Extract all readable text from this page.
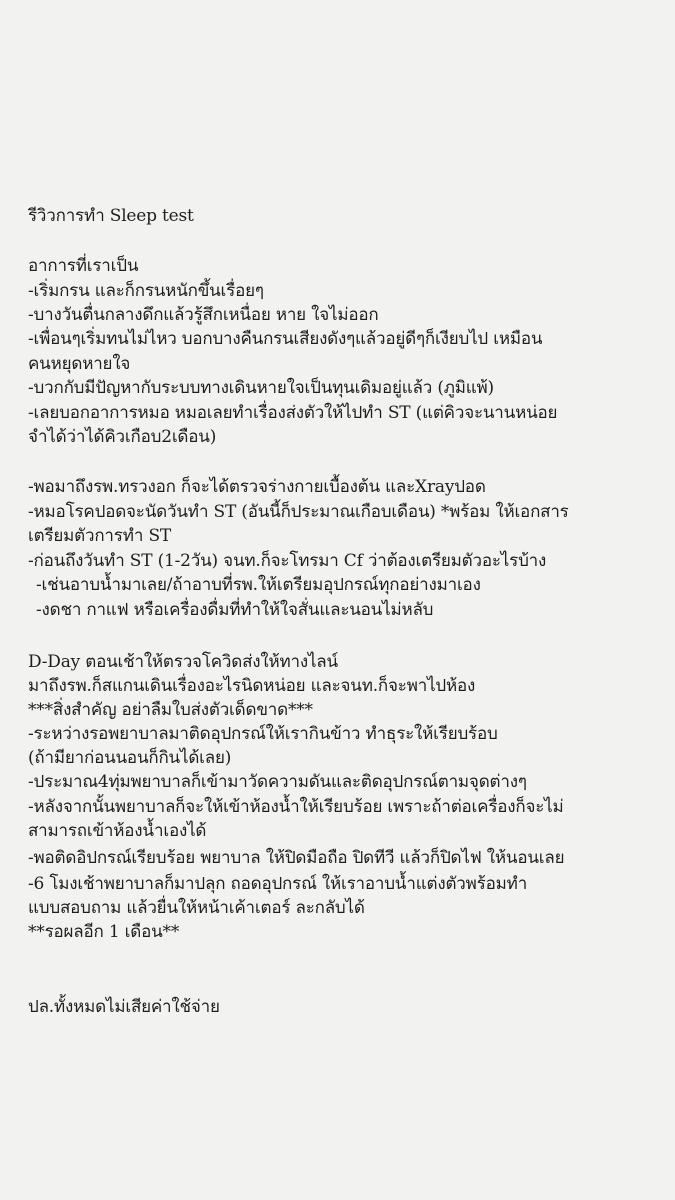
รีวิวการทำ Sleep test
อาการที่เราเป็น
-เริ่มกรน และก็กรนหนักขึ้นเรื่อยๆ
-บางวันตื่นกลางดึกแล้วรู้สึกเหนื่อย หาย ใจไม่ออก
-เพื่อนๆเริ่มทนไม่ไหว บอกบางคืนกรนเสียงดังๆแล้วอยู่ดีๆก็เงียบไป เหมือน
คนหยุดหายใจ
-บวกกับมีปัญหากับระบบทางเดินหายใจเป็นทุนเดิมอยู่แล้ว (ภูมิแพ้)
-เลยบอกอาการหมอ หมอเลยทำเรื่องส่งตัวให้ไปทำ ST (แต่คิวจะนานหน่อย
จำได้ว่าได้คิวเกือบ2เดือน)
-พอมาถึงรพ.ทรวงอก ก็จะได้ตรวจร่างกายเบื้องต้น และXrayปอด
-หมอโรคปอดจะนัดวันทำ ST (อันนี้ก็ประมาณเกือบเดือน) *พร้อม ให้เอกสาร
เตรียมตัวการทำ ST
-ก่อนถึงวันทำ ST (1-2วัน) จนท.ก็จะโทรมา Cf ว่าต้องเตรียมตัวอะไรบ้าง
-เช่นอาบน้ำมาเลย/ถ้าอาบที่รพ.ให้เตรียมอุปกรณ์ทุกอย่างมาเอง
-งดชา กาแฟ หรือเครื่องดื่มที่ทำให้ใจสั่นและนอนไม่หลับ
D-Day ตอนเช้าให้ตรวจโควิดส่งให้ทางไลน์
มาถึงรพ.ก็สแกนเดินเรื่องอะไรนิดหน่อย และจนท.ก็จะพาไปห้อง
***สิ่งสำคัญ อย่าลืมใบส่งตัวเด็ดขาด***
-ระหว่างรอพยาบาลมาติดอุปกรณ์ให้เรากินข้าว ทำธุระให้เรียบร้อบ
(ถ้ามียาก่อนนอนก็กินได้เลย)
-ประมาณ4ทุ่มพยาบาลก็เข้ามาวัดความดันและติดอุปกรณ์ตามจุดต่างๆ
-หลังจากนั้นพยาบาลก็จะให้เข้าห้องน้ำให้เรียบร้อย เพราะถ้าต่อเครื่องก็จะไม่
สามารถเข้าห้องน้ำเองได้
-พอติดอิปกรณ์เรียบร้อย พยาบาล ให้ปิดมือถือ ปิดทีวี แล้วก็ปิดไฟ ให้นอนเลย
-6 โมงเช้าพยาบาลก็มาปลุก ถอดอุปกรณ์ ให้เราอาบน้ำแต่งตัวพร้อมทำ
แบบสอบถาม แล้วยื่นให้หน้าเค้าเตอร์ ละกลับได้
**รอผลอีก 1 เดือน**
ปล.ทั้งหมดไม่เสียค่าใช้จ่าย
